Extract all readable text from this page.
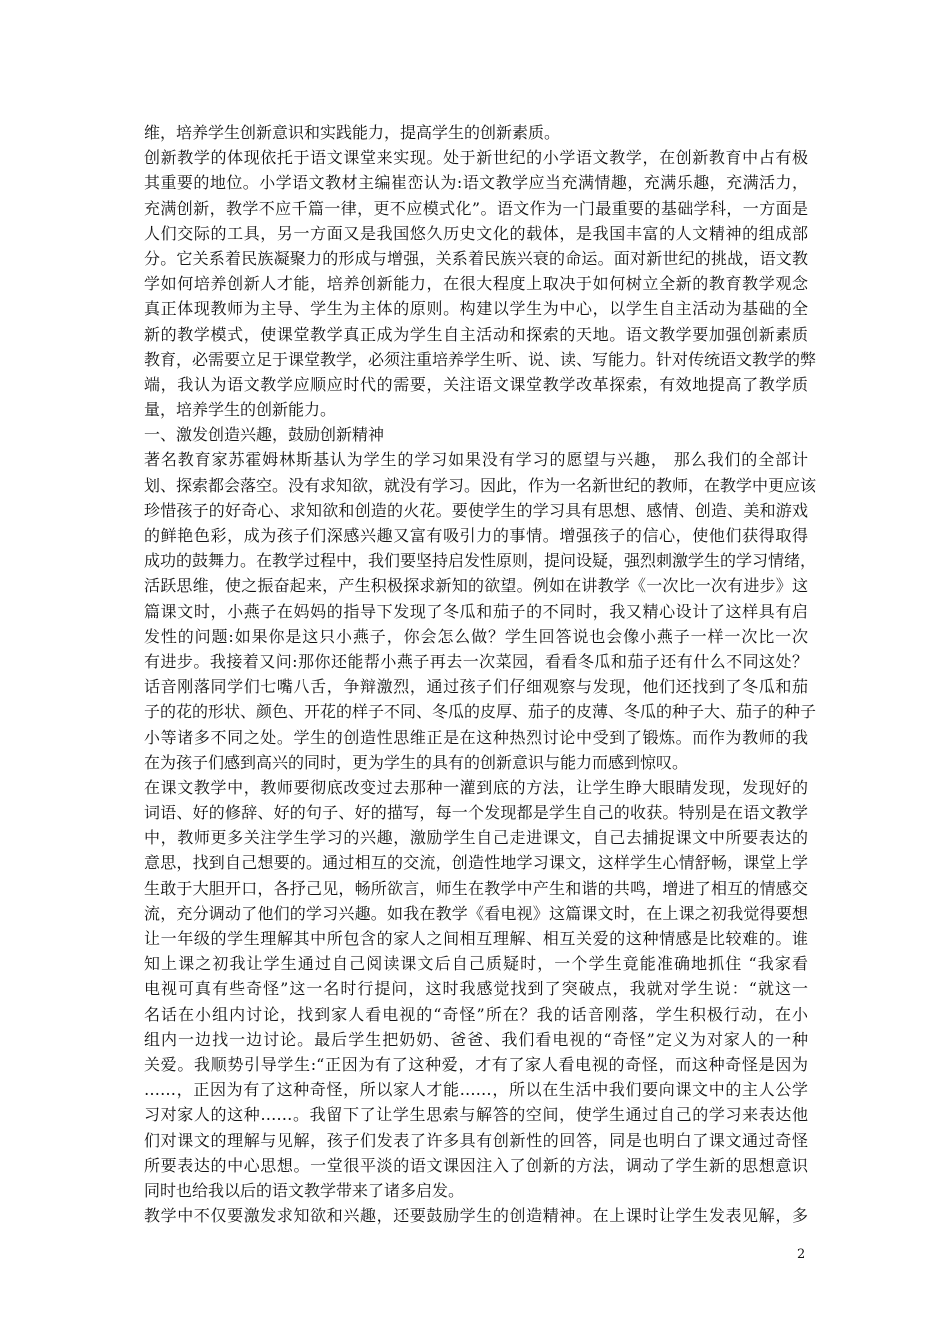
维，培养学生创新意识和实践能力，提高学生的创新素质。
创新教学的体现依托于语文课堂来实现。处于新世纪的小学语文教学，在创新教育中占有极
其重要的地位。小学语文教材主编崔峦认为:语文教学应当充满情趣，充满乐趣，充满活力，
充满创新，教学不应千篇一律，更不应模式化”。语文作为一门最重要的基础学科，一方面是
人们交际的工具，另一方面又是我国悠久历史文化的载体，是我国丰富的人文精神的组成部
分。它关系着民族凝聚力的形成与增强，关系着民族兴衰的命运。面对新世纪的挑战，语文教
学如何培养创新人才能，培养创新能力，在很大程度上取决于如何树立全新的教育教学观念
真正体现教师为主导、学生为主体的原则。构建以学生为中心，以学生自主活动为基础的全
新的教学模式，使课堂教学真正成为学生自主活动和探索的天地。语文教学要加强创新素质
教育，必需要立足于课堂教学，必须注重培养学生听、说、读、写能力。针对传统语文教学的弊
端，我认为语文教学应顺应时代的需要，关注语文课堂教学改革探索，有效地提高了教学质
量，培养学生的创新能力。
一、激发创造兴趣，鼓励创新精神
著名教育家苏霍姆林斯基认为学生的学习如果没有学习的愿望与兴趣， 那么我们的全部计
划、探索都会落空。没有求知欲，就没有学习。因此，作为一名新世纪的教师，在教学中更应该
珍惜孩子的好奇心、求知欲和创造的火花。要使学生的学习具有思想、感情、创造、美和游戏
的鲜艳色彩，成为孩子们深感兴趣又富有吸引力的事情。增强孩子的信心，使他们获得取得
成功的鼓舞力。在教学过程中，我们要坚持启发性原则，提问设疑，强烈刺激学生的学习情绪，
活跃思维，使之振奋起来，产生积极探求新知的欲望。例如在讲教学《一次比一次有进步》这
篇课文时，小燕子在妈妈的指导下发现了冬瓜和茄子的不同时，我又精心设计了这样具有启
发性的问题:如果你是这只小燕子，你会怎么做？学生回答说也会像小燕子一样一次比一次
有进步。我接着又问:那你还能帮小燕子再去一次菜园，看看冬瓜和茄子还有什么不同这处？
话音刚落同学们七嘴八舌，争辩激烈，通过孩子们仔细观察与发现，他们还找到了冬瓜和茄
子的花的形状、颜色、开花的样子不同、冬瓜的皮厚、茄子的皮薄、冬瓜的种子大、茄子的种子
小等诸多不同之处。学生的创造性思维正是在这种热烈讨论中受到了锻炼。而作为教师的我
在为孩子们感到高兴的同时，更为学生的具有的创新意识与能力而感到惊叹。
在课文教学中，教师要彻底改变过去那种一灌到底的方法，让学生睁大眼睛发现，发现好的
词语、好的修辞、好的句子、好的描写，每一个发现都是学生自己的收获。特别是在语文教学
中，教师更多关注学生学习的兴趣，激励学生自己走进课文，自己去捕捉课文中所要表达的
意思，找到自己想要的。通过相互的交流，创造性地学习课文，这样学生心情舒畅，课堂上学
生敢于大胆开口，各抒己见，畅所欲言，师生在教学中产生和谐的共鸣，增进了相互的情感交
流，充分调动了他们的学习兴趣。如我在教学《看电视》这篇课文时，在上课之初我觉得要想
让一年级的学生理解其中所包含的家人之间相互理解、相互关爱的这种情感是比较难的。谁
知上课之初我让学生通过自己阅读课文后自己质疑时，一个学生竟能准确地抓住 “我家看
电视可真有些奇怪”这一名时行提问，这时我感觉找到了突破点，我就对学生说：“就这一
名话在小组内讨论，找到家人看电视的“奇怪”所在？我的话音刚落，学生积极行动，在小
组内一边找一边讨论。最后学生把奶奶、爸爸、我们看电视的“奇怪”定义为对家人的一种
关爱。我顺势引导学生:“正因为有了这种爱，才有了家人看电视的奇怪，而这种奇怪是因为
……，正因为有了这种奇怪，所以家人才能……，所以在生活中我们要向课文中的主人公学
习对家人的这种……。我留下了让学生思索与解答的空间，使学生通过自己的学习来表达他
们对课文的理解与见解，孩子们发表了许多具有创新性的回答，同是也明白了课文通过奇怪
所要表达的中心思想。一堂很平淡的语文课因注入了创新的方法，调动了学生新的思想意识
同时也给我以后的语文教学带来了诸多启发。
教学中不仅要激发求知欲和兴趣，还要鼓励学生的创造精神。在上课时让学生发表见解，多
2
